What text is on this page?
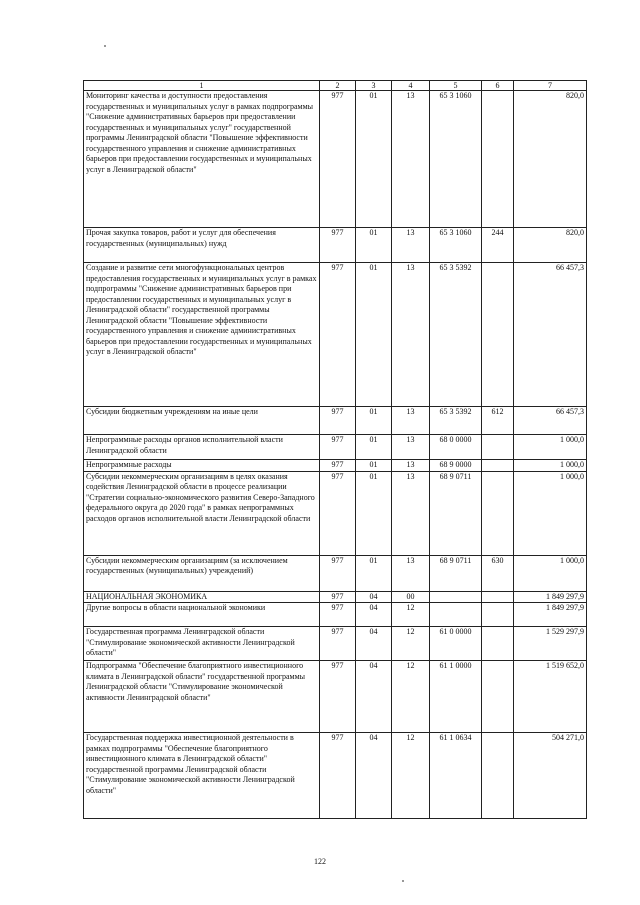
1	2	3	4	5	6	7
Мониторинг качества и доступности предоставления государственных и муниципальных услуг в рамках подпрограммы "Снижение административных барьеров при предоставлении государственных и муниципальных услуг" государственной программы Ленинградской области "Повышение эффективности государственного управления и снижение административных барьеров при предоставлении государственных и муниципальных услуг в Ленинградской области"	977	01	13	65 3 1060		820,0
Прочая закупка товаров, работ и услуг для обеспечения государственных (муниципальных) нужд	977	01	13	65 3 1060	244	820,0
Создание и развитие сети многофункциональных центров предоставления государственных и муниципальных услуг в рамках подпрограммы "Снижение административных барьеров при предоставлении государственных и муниципальных услуг в Ленинградской области" государственной программы Ленинградской области "Повышение эффективности государственного управления и снижение административных барьеров при предоставлении государственных и муниципальных услуг в Ленинградской области"	977	01	13	65 3 5392		66 457,3
Субсидии бюджетным учреждениям на иные цели	977	01	13	65 3 5392	612	66 457,3
Непрограммные расходы органов исполнительной власти Ленинградской области	977	01	13	68 0 0000		1 000,0
Непрограммные расходы	977	01	13	68 9 0000		1 000,0
Субсидии некоммерческим организациям в целях оказания содействия Ленинградской области в процессе реализации "Стратегии социально-экономического развития Северо-Западного федерального округа до 2020 года" в рамках непрограммных расходов органов исполнительной власти Ленинградской области	977	01	13	68 9 0711		1 000,0
Субсидии некоммерческим организациям (за исключением государственных (муниципальных) учреждений)	977	01	13	68 9 0711	630	1 000,0
НАЦИОНАЛЬНАЯ ЭКОНОМИКА	977	04	00			1 849 297,9
Другие вопросы в области национальной экономики	977	04	12			1 849 297,9
Государственная программа Ленинградской области "Стимулирование экономической активности Ленинградской области"	977	04	12	61 0 0000		1 529 297,9
Подпрограмма "Обеспечение благоприятного инвестиционного климата в Ленинградской области" государственной программы Ленинградской области "Стимулирование экономической активности Ленинградской области"	977	04	12	61 1 0000		1 519 652,0
Государственная поддержка инвестиционной деятельности в рамках подпрограммы "Обеспечение благоприятного инвестиционного климата в Ленинградской области" государственной программы Ленинградской области "Стимулирование экономической активности Ленинградской области"	977	04	12	61 1 0634		504 271,0
122
